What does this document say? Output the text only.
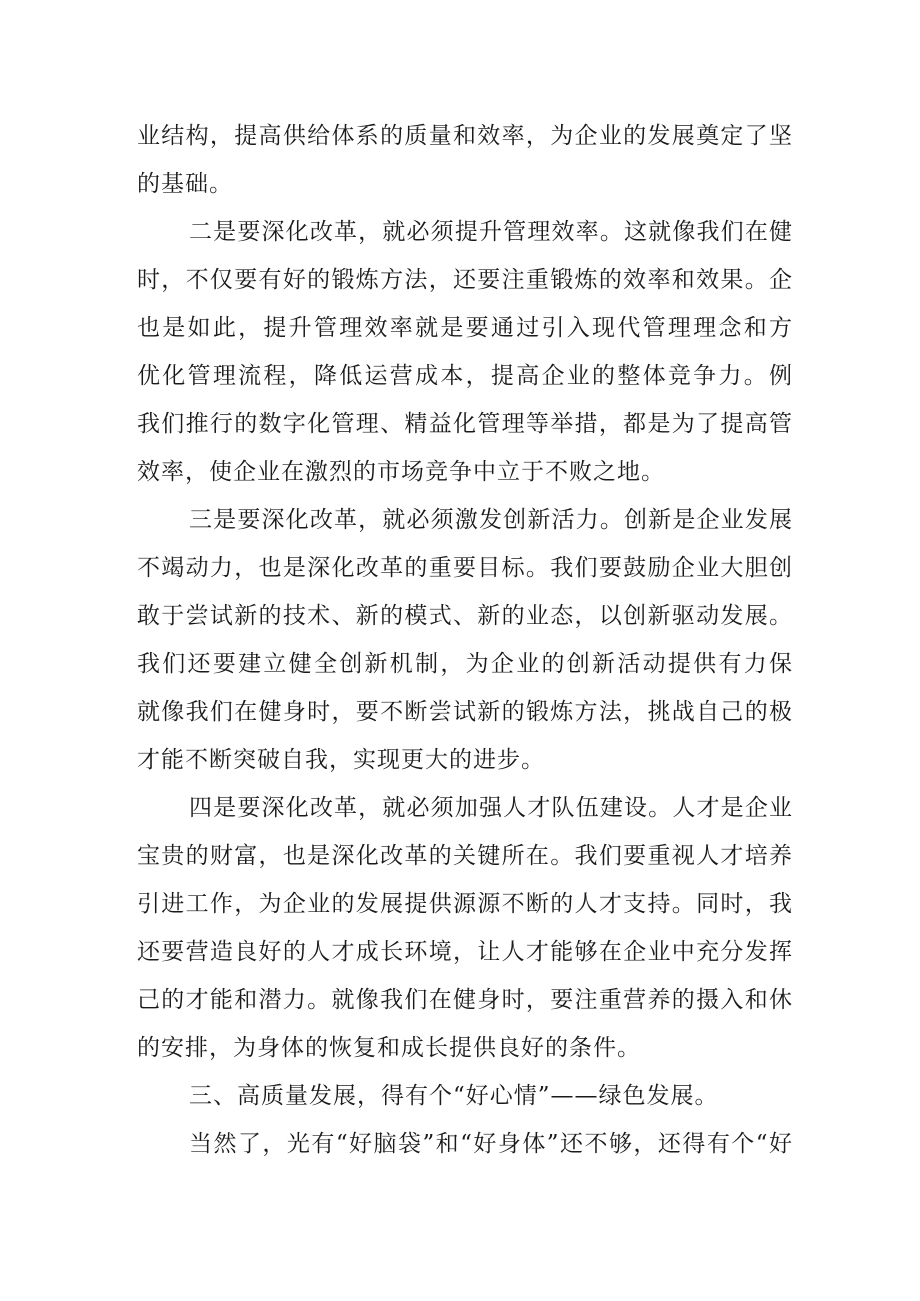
业结构，提高供给体系的质量和效率，为企业的发展奠定了坚
的基础。
二是要深化改革，就必须提升管理效率。这就像我们在健
时，不仅要有好的锻炼方法，还要注重锻炼的效率和效果。企
也是如此，提升管理效率就是要通过引入现代管理理念和方
优化管理流程，降低运营成本，提高企业的整体竞争力。例
我们推行的数字化管理、精益化管理等举措，都是为了提高管
效率，使企业在激烈的市场竞争中立于不败之地。
三是要深化改革，就必须激发创新活力。创新是企业发展
不竭动力，也是深化改革的重要目标。我们要鼓励企业大胆创
敢于尝试新的技术、新的模式、新的业态，以创新驱动发展。
我们还要建立健全创新机制，为企业的创新活动提供有力保
就像我们在健身时，要不断尝试新的锻炼方法，挑战自己的极
才能不断突破自我，实现更大的进步。
四是要深化改革，就必须加强人才队伍建设。人才是企业
宝贵的财富，也是深化改革的关键所在。我们要重视人才培养
引进工作，为企业的发展提供源源不断的人才支持。同时，我
还要营造良好的人才成长环境，让人才能够在企业中充分发挥
己的才能和潜力。就像我们在健身时，要注重营养的摄入和休
的安排，为身体的恢复和成长提供良好的条件。
三、高质量发展，得有个“好心情”——绿色发展。
当然了，光有“好脑袋”和“好身体”还不够，还得有个“好
